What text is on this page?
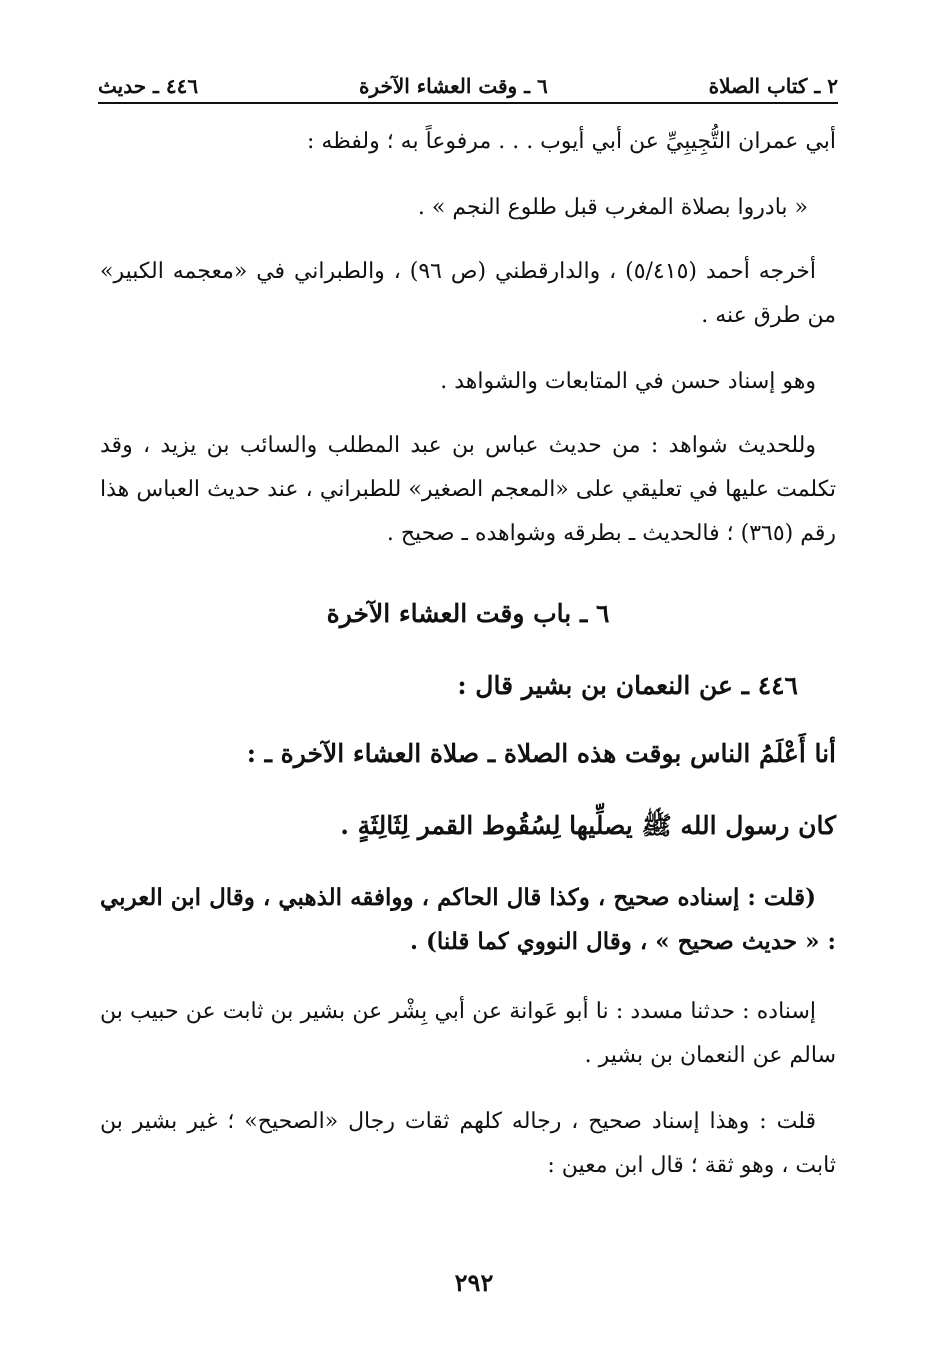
٢ ـ كتاب الصلاة
٦ ـ وقت العشاء الآخرة
٤٤٦ ـ حديث
أبي عمران التُّجِيبِيِّ عن أبي أيوب . . . مرفوعاً به ؛ ولفظه :
« بادروا بصلاة المغرب قبل طلوع النجم » .
أخرجه أحمد (٥/٤١٥) ، والدارقطني (ص ٩٦) ، والطبراني في «معجمه الكبير» من طرق عنه .
وهو إسناد حسن في المتابعات والشواهد .
وللحديث شواهد : من حديث عباس بن عبد المطلب والسائب بن يزيد ، وقد تكلمت عليها في تعليقي على «المعجم الصغير» للطبراني ، عند حديث العباس هذا رقم (٣٦٥) ؛ فالحديث ـ بطرقه وشواهده ـ صحيح .
٦ ـ باب وقت العشاء الآخرة
٤٤٦ ـ عن النعمان بن بشير قال :
أنا أَعْلَمُ الناس بوقت هذه الصلاة ـ صلاة العشاء الآخرة ـ :
كان رسول الله ﷺ يصلِّيها لِسُقُوط القمر لِثَالِثَةٍ .
(قلت : إسناده صحيح ، وكذا قال الحاكم ، ووافقه الذهبي ، وقال ابن العربي : « حديث صحيح » ، وقال النووي كما قلنا) .
إسناده : حدثنا مسدد : نا أبو عَوانة عن أبي بِشْر عن بشير بن ثابت عن حبيب بن سالم عن النعمان بن بشير .
قلت : وهذا إسناد صحيح ، رجاله كلهم ثقات رجال «الصحيح» ؛ غير بشير بن ثابت ، وهو ثقة ؛ قال ابن معين :
٢٩٢
